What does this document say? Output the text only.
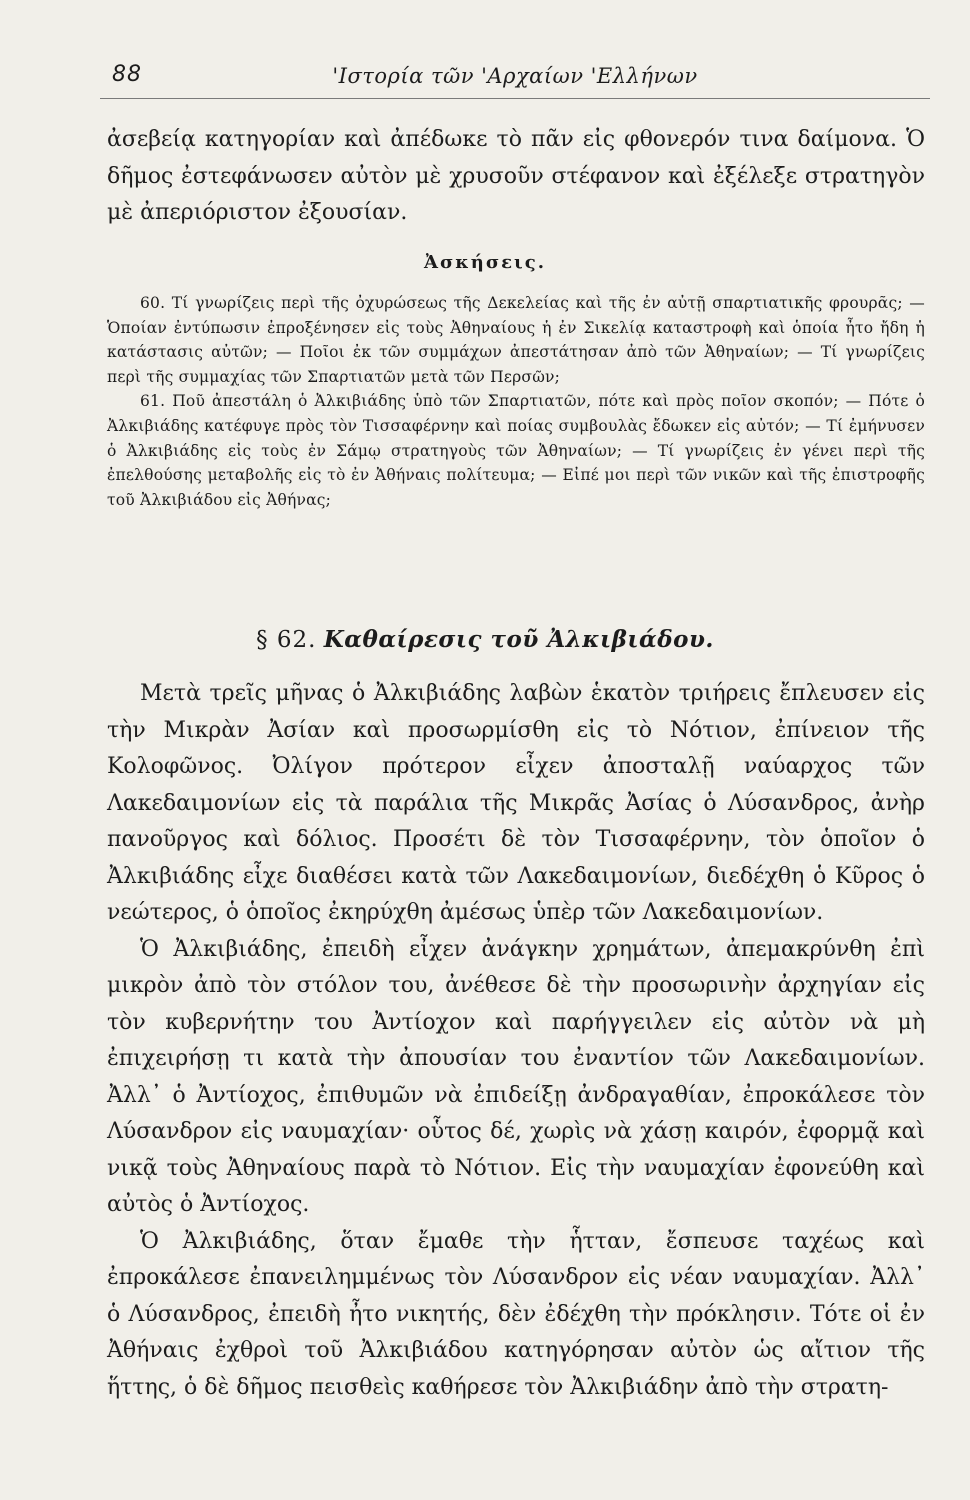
88	'Ιστορία τῶν 'Αρχαίων 'Ελλήνων

ἀσεβείᾳ κατηγορίαν καὶ ἀπέδωκε τὸ πᾶν εἰς φθονερόν τινα δαίμονα. Ὁ δῆμος ἐστεφάνωσεν αὐτὸν μὲ χρυσοῦν στέφανον καὶ ἐξέλεξε στρατηγὸν μὲ ἀπεριόριστον ἐξουσίαν.

Ἀσκήσεις.

60. Τί γνωρίζεις περὶ τῆς ὀχυρώσεως τῆς Δεκελείας καὶ τῆς ἐν αὐτῇ σπαρτιατικῆς φρουρᾶς; — Ὁποίαν ἐντύπωσιν ἐπροξένησεν εἰς τοὺς Ἀθηναίους ἡ ἐν Σικελίᾳ καταστροφὴ καὶ ὁποία ἦτο ἤδη ἡ κατάστασις αὐτῶν; — Ποῖοι ἐκ τῶν συμμάχων ἀπεστάτησαν ἀπὸ τῶν Ἀθηναίων; — Τί γνωρίζεις περὶ τῆς συμμαχίας τῶν Σπαρτιατῶν μετὰ τῶν Περσῶν;

61. Ποῦ ἀπεστάλη ὁ Ἀλκιβιάδης ὑπὸ τῶν Σπαρτιατῶν, πότε καὶ πρὸς ποῖον σκοπόν; — Πότε ὁ Ἀλκιβιάδης κατέφυγε πρὸς τὸν Τισσαφέρνην καὶ ποίας συμβουλὰς ἔδωκεν εἰς αὐτόν; — Τί ἐμήνυσεν ὁ Ἀλκιβιάδης εἰς τοὺς ἐν Σάμῳ στρατηγοὺς τῶν Ἀθηναίων; — Τί γνωρίζεις ἐν γένει περὶ τῆς ἐπελθούσης μεταβολῆς εἰς τὸ ἐν Ἀθήναις πολίτευμα; — Εἰπέ μοι περὶ τῶν νικῶν καὶ τῆς ἐπιστροφῆς τοῦ Ἀλκιβιάδου εἰς Ἀθήνας;

§ 62. Καθαίρεσις τοῦ Ἀλκιβιάδου.

Μετὰ τρεῖς μῆνας ὁ Ἀλκιβιάδης λαβὼν ἑκατὸν τριήρεις ἔπλευσεν εἰς τὴν Μικρὰν Ἀσίαν καὶ προσωρμίσθη εἰς τὸ Νότιον, ἐπίνειον τῆς Κολοφῶνος. Ὀλίγον πρότερον εἶχεν ἀποσταλῇ ναύαρχος τῶν Λακεδαιμονίων εἰς τὰ παράλια τῆς Μικρᾶς Ἀσίας ὁ Λύσανδρος, ἀνὴρ πανοῦργος καὶ δόλιος. Προσέτι δὲ τὸν Τισσαφέρνην, τὸν ὁποῖον ὁ Ἀλκιβιάδης εἶχε διαθέσει κατὰ τῶν Λακεδαιμονίων, διεδέχθη ὁ Κῦρος ὁ νεώτερος, ὁ ὁποῖος ἐκηρύχθη ἀμέσως ὑπὲρ τῶν Λακεδαιμονίων.

Ὁ Ἀλκιβιάδης, ἐπειδὴ εἶχεν ἀνάγκην χρημάτων, ἀπεμακρύνθη ἐπὶ μικρὸν ἀπὸ τὸν στόλον του, ἀνέθεσε δὲ τὴν προσωρινὴν ἀρχηγίαν εἰς τὸν κυβερνήτην του Ἀντίοχον καὶ παρήγγειλεν εἰς αὐτὸν νὰ μὴ ἐπιχειρήσῃ τι κατὰ τὴν ἀπουσίαν του ἐναντίον τῶν Λακεδαιμονίων. Ἀλλ᾽ ὁ Ἀντίοχος, ἐπιθυμῶν νὰ ἐπιδείξῃ ἀνδραγαθίαν, ἐπροκάλεσε τὸν Λύσανδρον εἰς ναυμαχίαν· οὗτος δέ, χωρὶς νὰ χάσῃ καιρόν, ἐφορμᾷ καὶ νικᾷ τοὺς Ἀθηναίους παρὰ τὸ Νότιον. Εἰς τὴν ναυμαχίαν ἐφονεύθη καὶ αὐτὸς ὁ Ἀντίοχος.

Ὁ Ἀλκιβιάδης, ὅταν ἔμαθε τὴν ἧτταν, ἔσπευσε ταχέως καὶ ἐπροκάλεσε ἐπανειλημμένως τὸν Λύσανδρον εἰς νέαν ναυμαχίαν. Ἀλλ᾽ ὁ Λύσανδρος, ἐπειδὴ ἦτο νικητής, δὲν ἐδέχθη τὴν πρόκλησιν. Τότε οἱ ἐν Ἀθήναις ἐχθροὶ τοῦ Ἀλκιβιάδου κατηγόρησαν αὐτὸν ὡς αἴτιον τῆς ἥττης, ὁ δὲ δῆμος πεισθεὶς καθήρεσε τὸν Ἀλκιβιάδην ἀπὸ τὴν στρατη-
